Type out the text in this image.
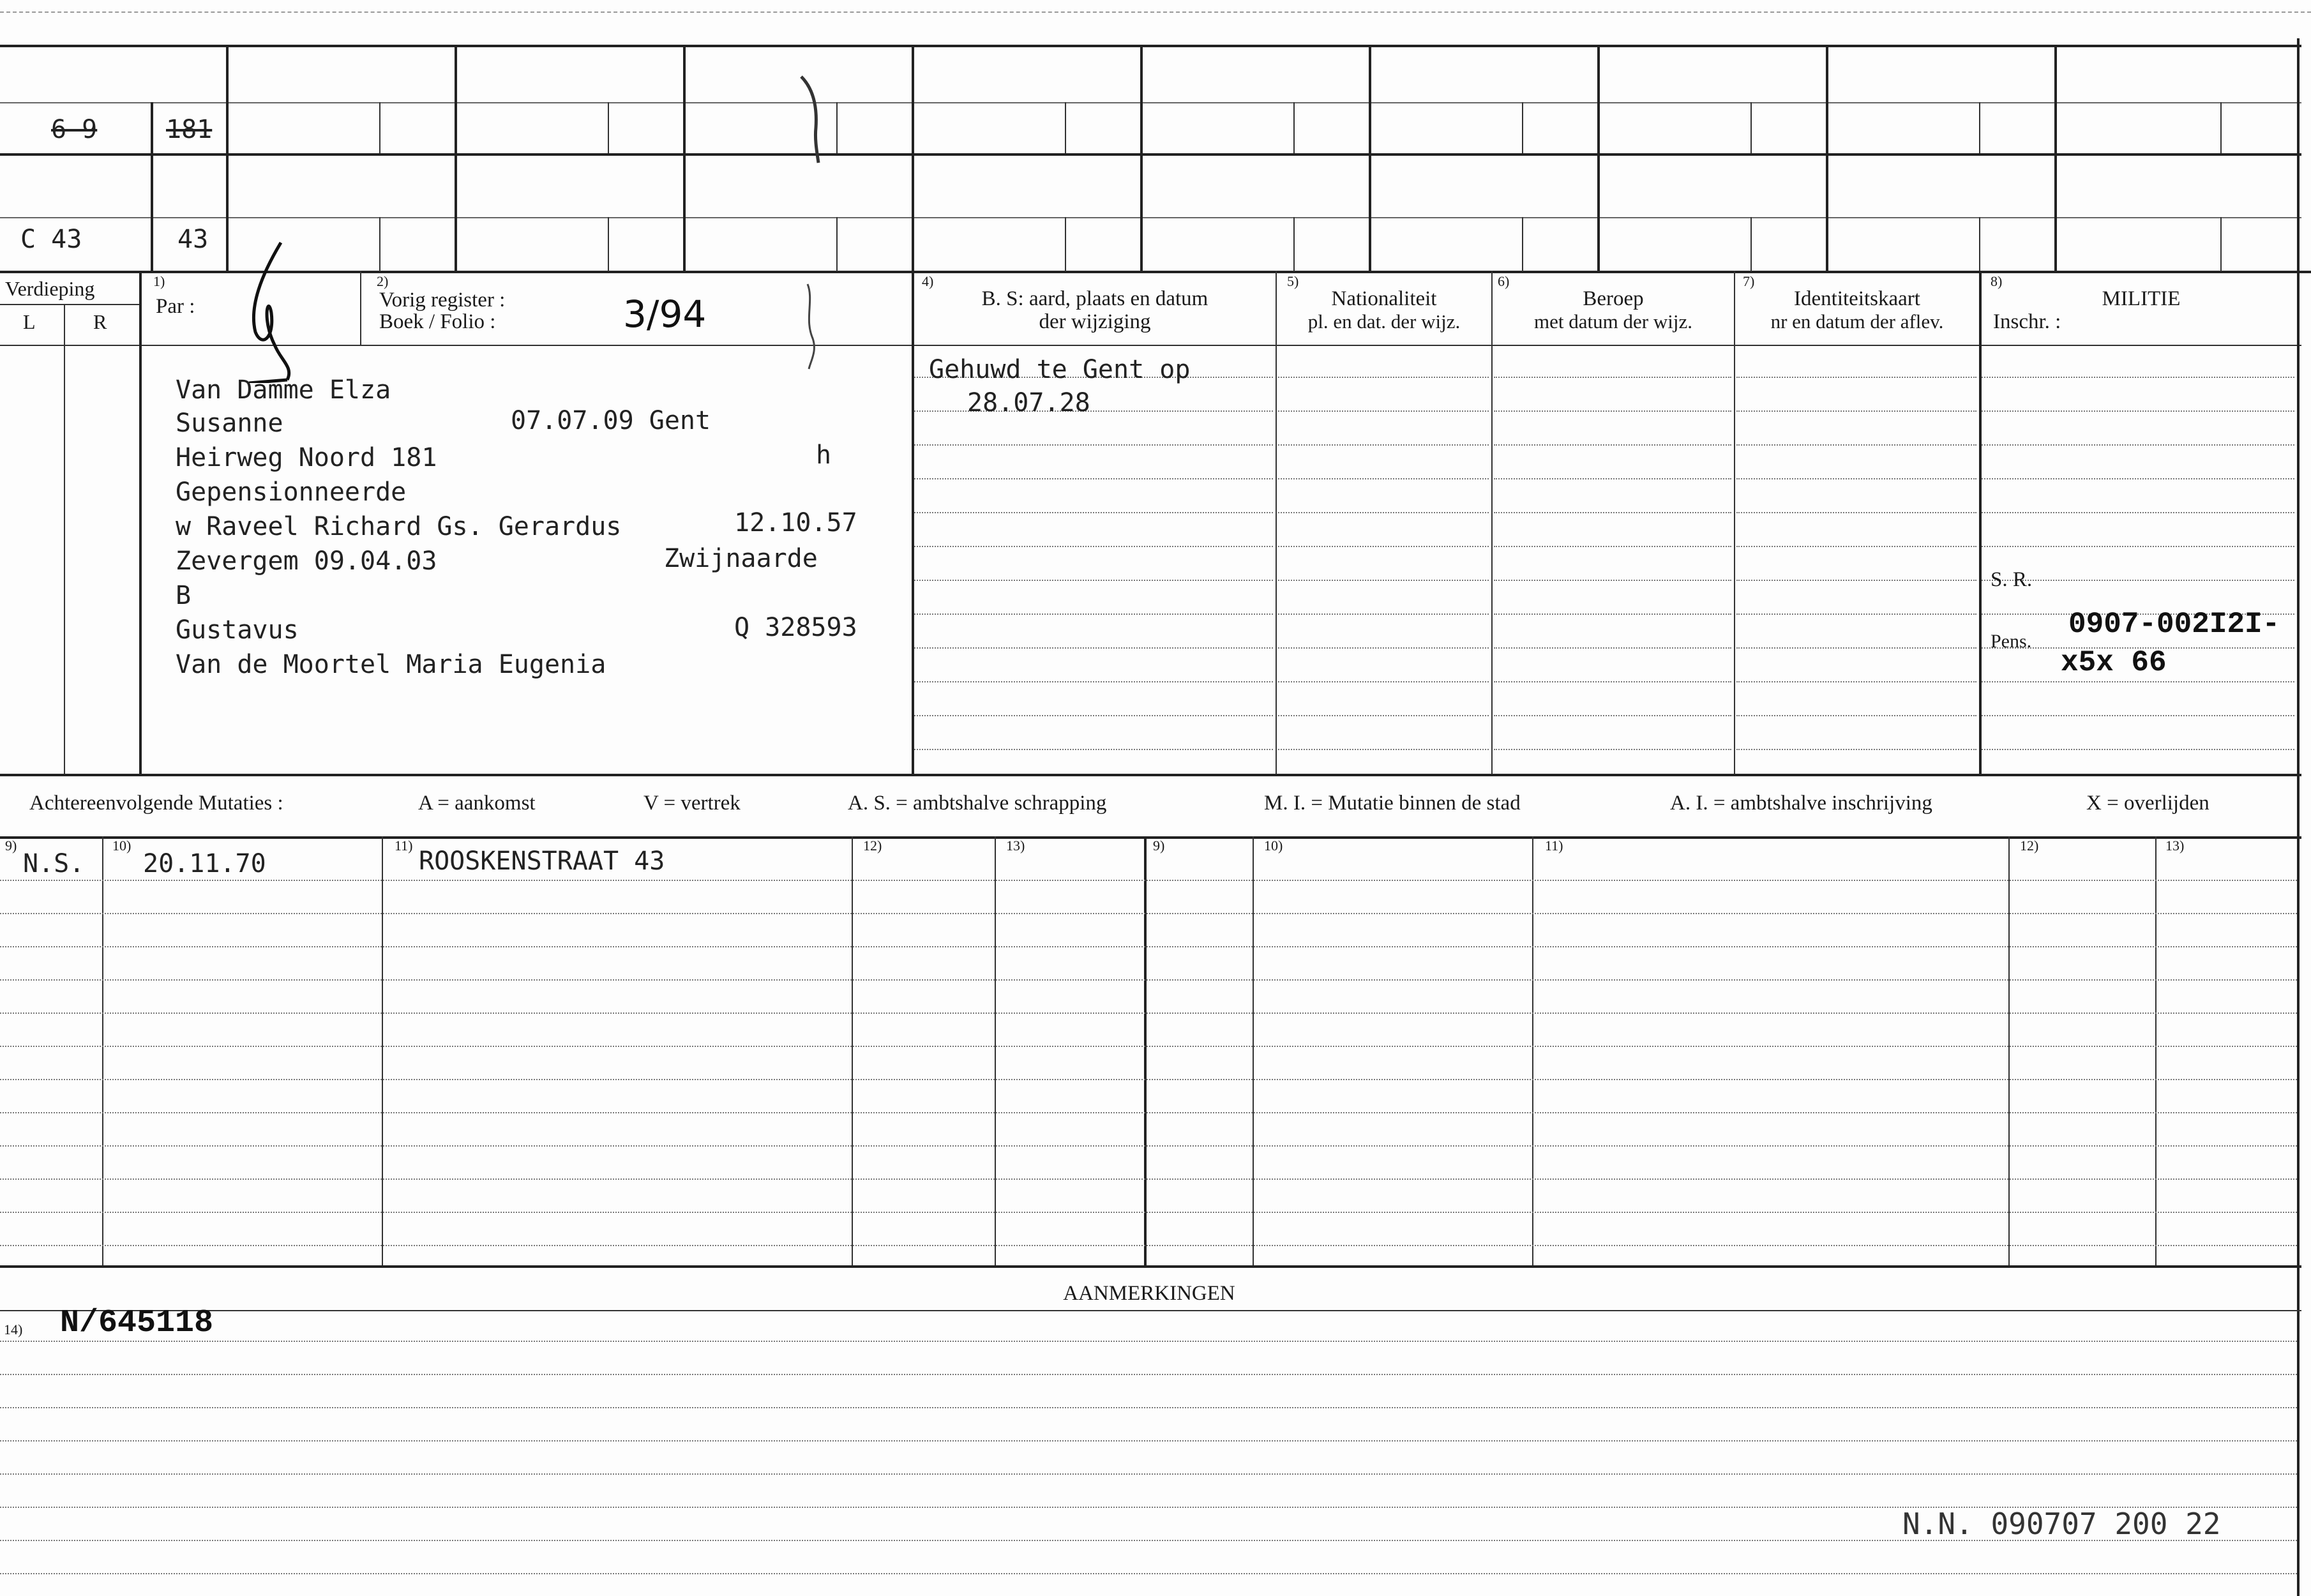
6 9	181
C 43	43
Verdieping
L	R
1)
Par :
2)
Vorig register :
Boek / Folio :	3/94
4)
B. S: aard, plaats en datum
der wijziging
5)
Nationaliteit
pl. en dat. der wijz.
6)
Beroep
met datum der wijz.
7)
Identiteitskaart
nr en datum der aflev.
8)
MILITIE
Inschr. :
Van Damme Elza
Susanne
Heirweg Noord 181
Gepensionneerde
w Raveel Richard Gs. Gerardus
Zevergem 09.04.03
B
Gustavus
Van de Moortel Maria Eugenia
07.07.09 Gent
h
12.10.57
Zwijnaarde
Q 328593
Gehuwd te Gent op
28.07.28
S. R.
Pens.
0907-002I2I-
x5x 66
Achtereenvolgende Mutaties :	A = aankomst	V = vertrek	A. S. = ambtshalve schrapping	M. I. = Mutatie binnen de stad	A. I. = ambtshalve inschrijving	X = overlijden
9)	10)	11)	12)	13)	9)	10)	11)	12)	13)
N.S. 20.11.70	ROOSKENSTRAAT 43
AANMERKINGEN
14) N/645118
N.N. 090707 200 22
